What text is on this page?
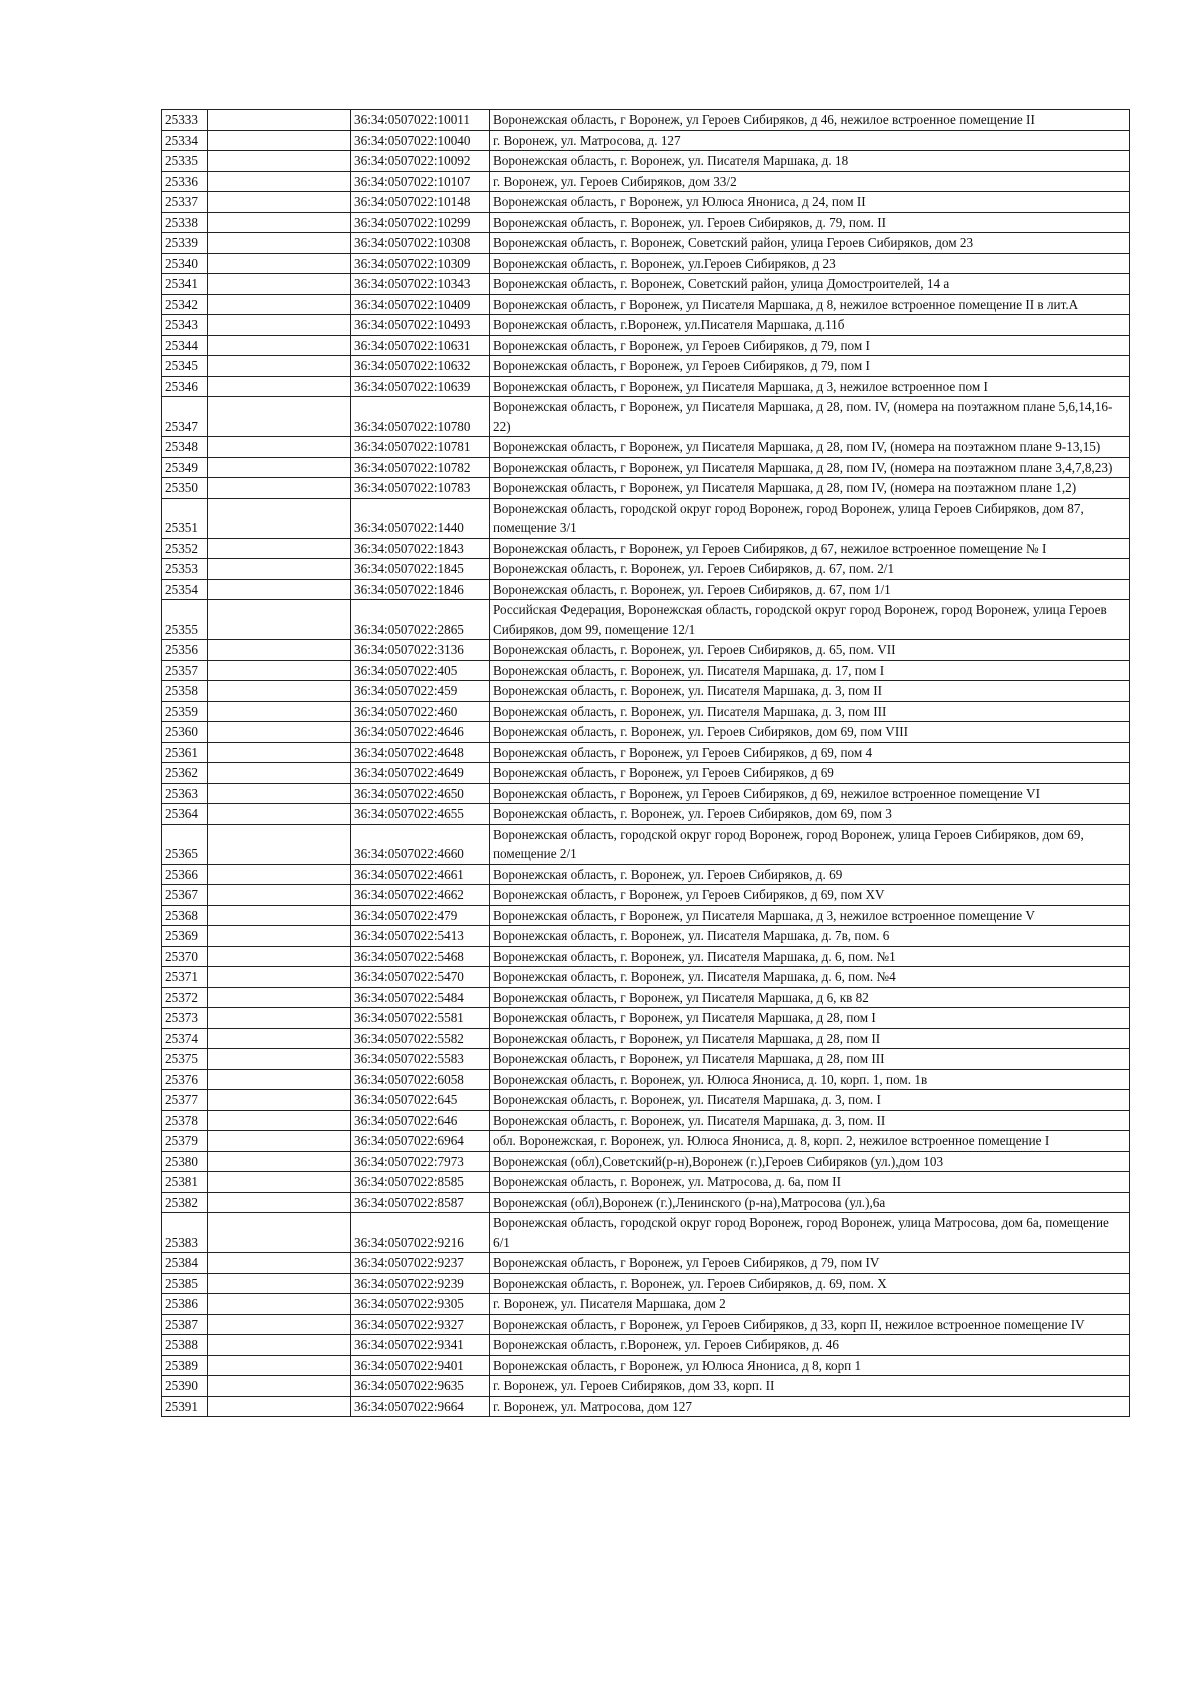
25333		36:34:0507022:10011	Воронежская область, г Воронеж, ул Героев Сибиряков, д 46, нежилое встроенное помещение II
25334		36:34:0507022:10040	г. Воронеж, ул. Матросова, д. 127
25335		36:34:0507022:10092	Воронежская область, г. Воронеж, ул. Писателя Маршака, д. 18
25336		36:34:0507022:10107	г. Воронеж, ул. Героев Сибиряков, дом 33/2
25337		36:34:0507022:10148	Воронежская область, г Воронеж, ул Юлюса Янониса, д 24, пом II
25338		36:34:0507022:10299	Воронежская область, г. Воронеж, ул. Героев Сибиряков, д. 79, пом. II
25339		36:34:0507022:10308	Воронежская область, г. Воронеж, Советский район, улица Героев Сибиряков, дом 23
25340		36:34:0507022:10309	Воронежская область, г. Воронеж, ул.Героев Сибиряков, д 23
25341		36:34:0507022:10343	Воронежская область, г. Воронеж, Советский район, улица Домостроителей, 14 а
25342		36:34:0507022:10409	Воронежская область, г Воронеж, ул Писателя Маршака, д 8, нежилое встроенное помещение II в лит.А
25343		36:34:0507022:10493	Воронежская область, г.Воронеж, ул.Писателя Маршака, д.11б
25344		36:34:0507022:10631	Воронежская область, г Воронеж, ул Героев Сибиряков, д 79, пом I
25345		36:34:0507022:10632	Воронежская область, г Воронеж, ул Героев Сибиряков, д 79, пом I
25346		36:34:0507022:10639	Воронежская область, г Воронеж, ул Писателя Маршака, д 3, нежилое встроенное пом I
25347		36:34:0507022:10780	Воронежская область, г Воронеж, ул Писателя Маршака, д 28, пом. IV, (номера на поэтажном плане 5,6,14,16-22)
25348		36:34:0507022:10781	Воронежская область, г Воронеж, ул Писателя Маршака, д 28, пом IV, (номера на поэтажном плане 9-13,15)
25349		36:34:0507022:10782	Воронежская область, г Воронеж, ул Писателя Маршака, д 28, пом IV, (номера на поэтажном плане 3,4,7,8,23)
25350		36:34:0507022:10783	Воронежская область, г Воронеж, ул Писателя Маршака, д 28, пом IV, (номера на поэтажном плане 1,2)
25351		36:34:0507022:1440	Воронежская область, городской округ город Воронеж, город Воронеж, улица Героев Сибиряков, дом 87, помещение 3/1
25352		36:34:0507022:1843	Воронежская область, г Воронеж, ул Героев Сибиряков, д 67, нежилое встроенное помещение № I
25353		36:34:0507022:1845	Воронежская область, г. Воронеж, ул. Героев Сибиряков, д. 67, пом. 2/1
25354		36:34:0507022:1846	Воронежская область, г. Воронеж, ул. Героев Сибиряков, д. 67, пом 1/1
25355		36:34:0507022:2865	Российская Федерация, Воронежская область, городской округ город Воронеж, город Воронеж, улица Героев Сибиряков, дом 99, помещение 12/1
25356		36:34:0507022:3136	Воронежская область, г. Воронеж, ул. Героев Сибиряков, д. 65, пом. VII
25357		36:34:0507022:405	Воронежская область, г. Воронеж, ул. Писателя Маршака, д. 17, пом I
25358		36:34:0507022:459	Воронежская область, г. Воронеж, ул. Писателя Маршака, д. 3, пом II
25359		36:34:0507022:460	Воронежская область, г. Воронеж, ул. Писателя Маршака, д. 3, пом III
25360		36:34:0507022:4646	Воронежская область, г. Воронеж, ул. Героев Сибиряков, дом 69, пом VIII
25361		36:34:0507022:4648	Воронежская область, г Воронеж, ул Героев Сибиряков, д 69, пом 4
25362		36:34:0507022:4649	Воронежская область, г Воронеж, ул Героев Сибиряков, д 69
25363		36:34:0507022:4650	Воронежская область, г Воронеж, ул Героев Сибиряков, д 69, нежилое встроенное помещение VI
25364		36:34:0507022:4655	Воронежская область, г. Воронеж, ул. Героев Сибиряков, дом 69, пом 3
25365		36:34:0507022:4660	Воронежская область, городской округ город Воронеж, город Воронеж, улица Героев Сибиряков, дом 69, помещение 2/1
25366		36:34:0507022:4661	Воронежская область, г. Воронеж, ул. Героев Сибиряков, д. 69
25367		36:34:0507022:4662	Воронежская область, г Воронеж, ул Героев Сибиряков, д 69, пом XV
25368		36:34:0507022:479	Воронежская область, г Воронеж, ул Писателя Маршака, д 3, нежилое встроенное помещение V
25369		36:34:0507022:5413	Воронежская область, г. Воронеж, ул. Писателя Маршака, д. 7в, пом. 6
25370		36:34:0507022:5468	Воронежская область, г. Воронеж, ул. Писателя Маршака, д. 6, пом. №1
25371		36:34:0507022:5470	Воронежская область, г. Воронеж, ул. Писателя Маршака, д. 6, пом. №4
25372		36:34:0507022:5484	Воронежская область, г Воронеж, ул Писателя Маршака, д 6, кв 82
25373		36:34:0507022:5581	Воронежская область, г Воронеж, ул Писателя Маршака, д 28, пом I
25374		36:34:0507022:5582	Воронежская область, г Воронеж, ул Писателя Маршака, д 28, пом II
25375		36:34:0507022:5583	Воронежская область, г Воронеж, ул Писателя Маршака, д 28, пом III
25376		36:34:0507022:6058	Воронежская область, г. Воронеж, ул. Юлюса Янониса, д. 10, корп. 1, пом. 1в
25377		36:34:0507022:645	Воронежская область, г. Воронеж, ул. Писателя Маршака, д. 3, пом. I
25378		36:34:0507022:646	Воронежская область, г. Воронеж, ул. Писателя Маршака, д. 3, пом. II
25379		36:34:0507022:6964	обл. Воронежская, г. Воронеж, ул. Юлюса Янониса, д. 8, корп. 2, нежилое встроенное помещение I
25380		36:34:0507022:7973	Воронежская (обл),Советский(р-н),Воронеж (г.),Героев Сибиряков (ул.),дом 103
25381		36:34:0507022:8585	Воронежская область, г. Воронеж, ул. Матросова, д. 6а, пом II
25382		36:34:0507022:8587	Воронежская (обл),Воронеж (г.),Ленинского (р-на),Матросова (ул.),6а
25383		36:34:0507022:9216	Воронежская область, городской округ город Воронеж, город Воронеж, улица Матросова, дом 6а, помещение 6/1
25384		36:34:0507022:9237	Воронежская область, г Воронеж, ул Героев Сибиряков, д 79, пом IV
25385		36:34:0507022:9239	Воронежская область, г. Воронеж, ул. Героев Сибиряков, д. 69, пом. X
25386		36:34:0507022:9305	г. Воронеж, ул. Писателя Маршака, дом 2
25387		36:34:0507022:9327	Воронежская область, г Воронеж, ул Героев Сибиряков, д 33, корп II, нежилое встроенное помещение IV
25388		36:34:0507022:9341	Воронежская область, г.Воронеж, ул. Героев Сибиряков, д. 46
25389		36:34:0507022:9401	Воронежская область, г Воронеж, ул Юлюса Янониса, д 8, корп 1
25390		36:34:0507022:9635	г. Воронеж, ул. Героев Сибиряков, дом 33, корп. II
25391		36:34:0507022:9664	г. Воронеж, ул. Матросова, дом 127
